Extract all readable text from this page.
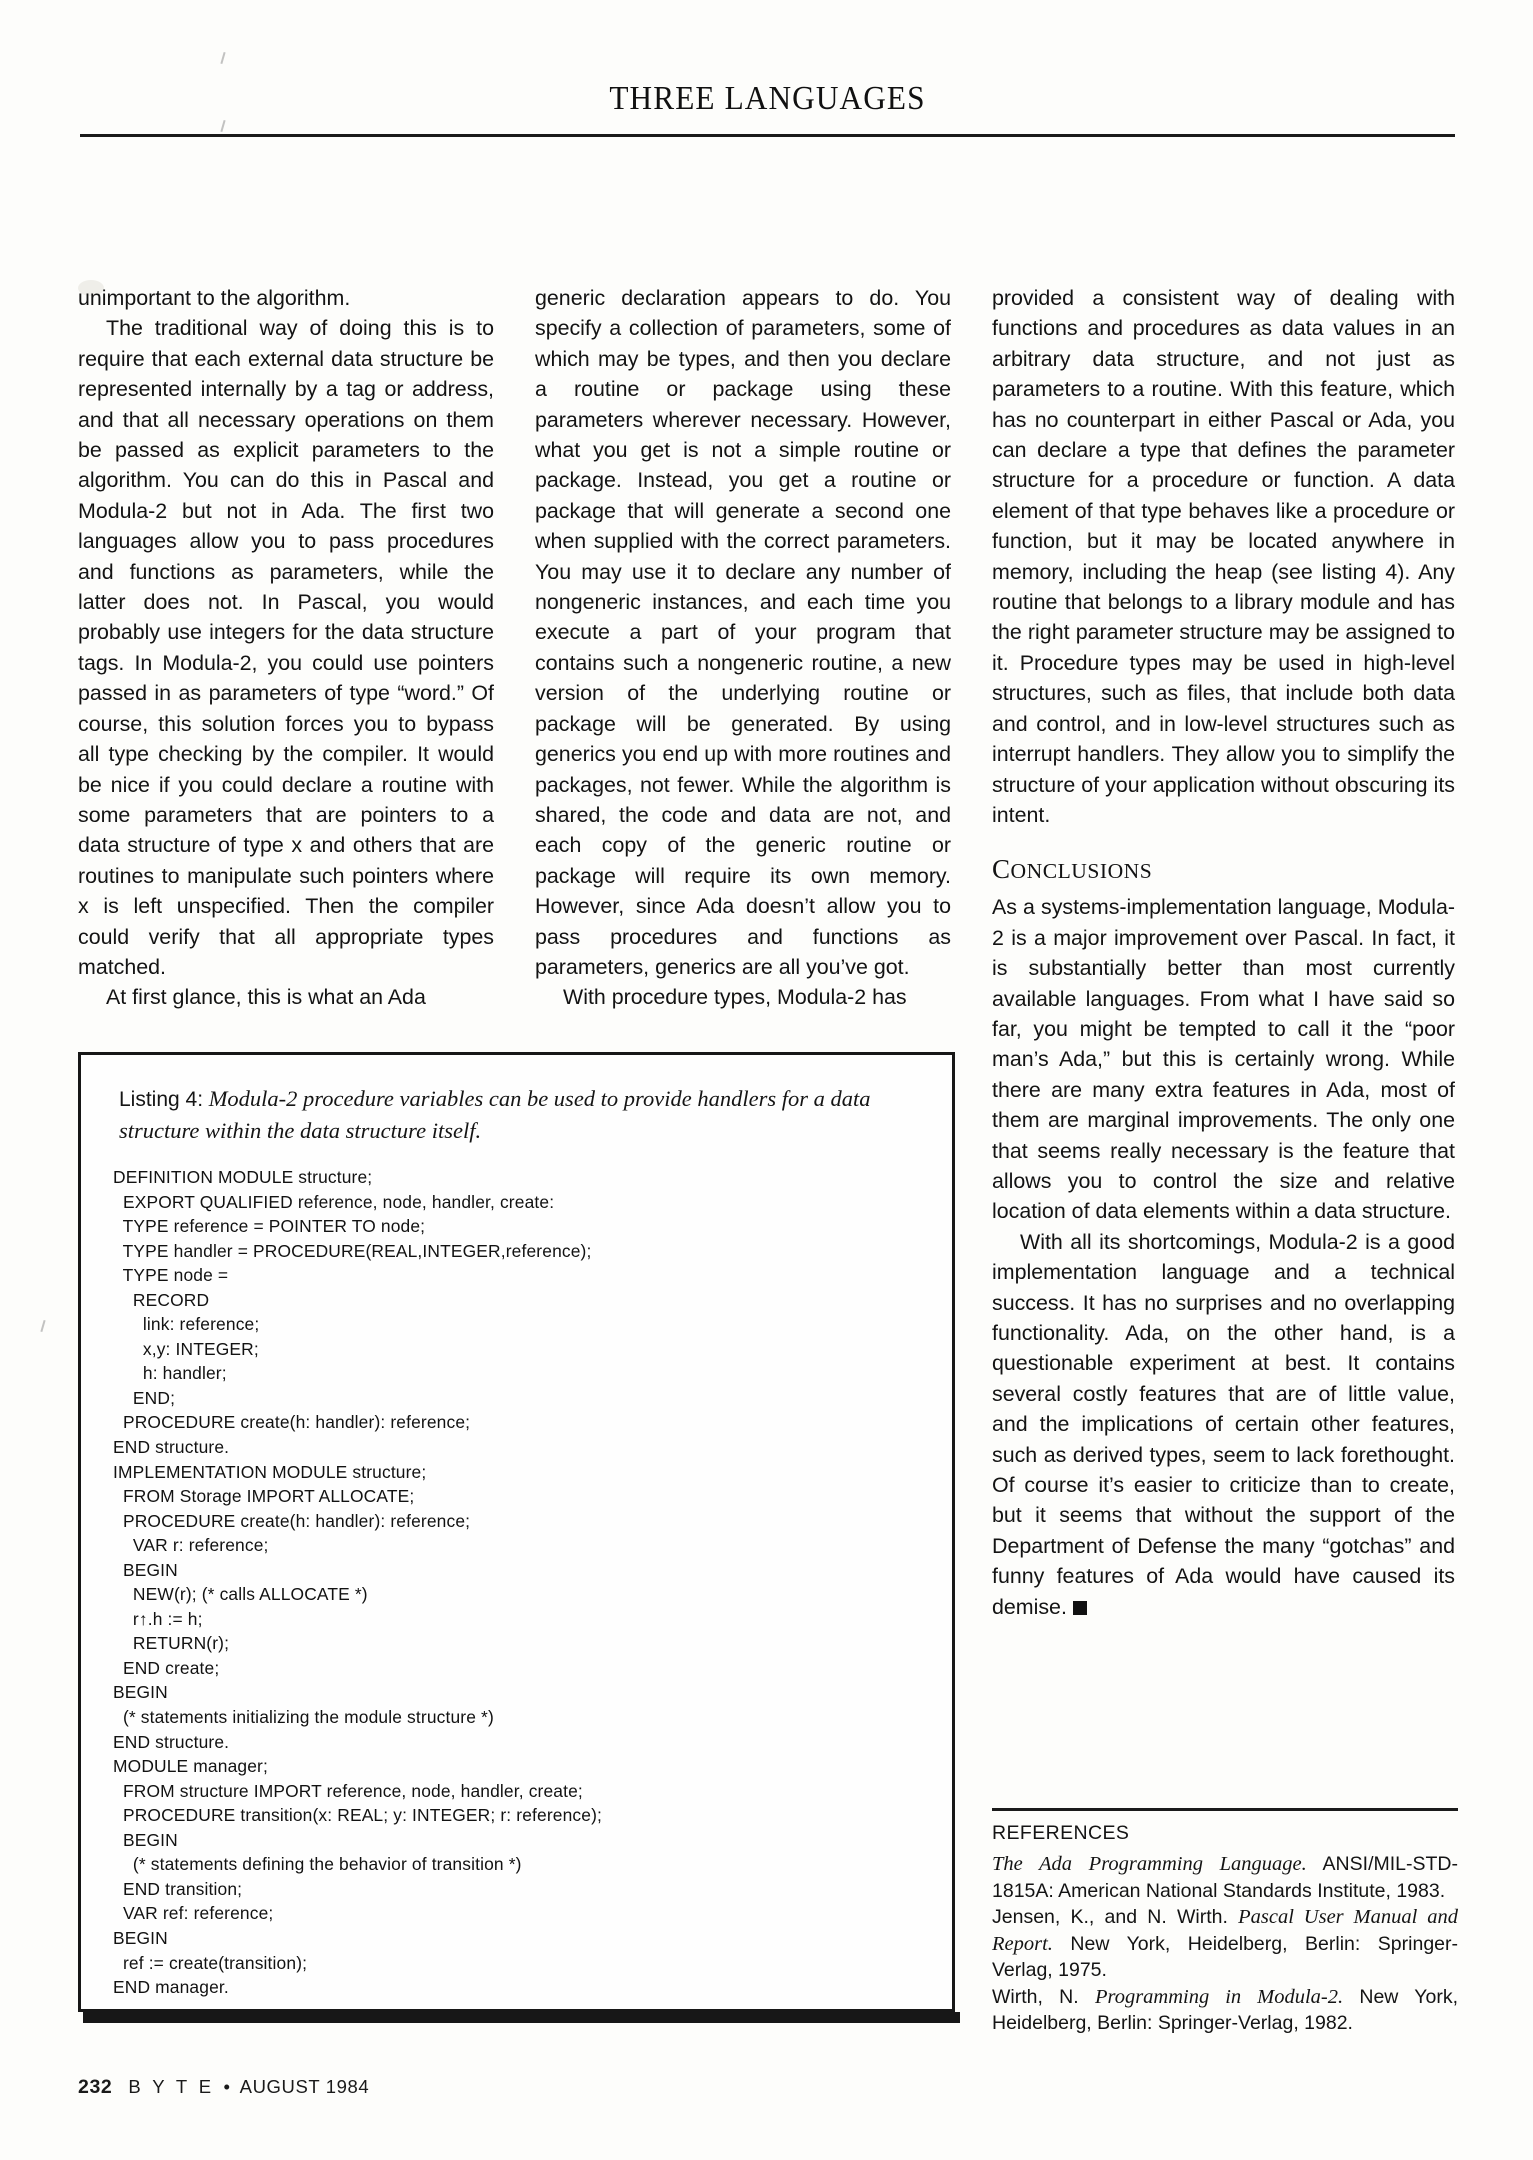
THREE LANGUAGES

unimportant to the algorithm.

The traditional way of doing this is to require that each external data structure be represented internally by a tag or address, and that all necessary operations on them be passed as explicit parameters to the algorithm. You can do this in Pascal and Modula-2 but not in Ada. The first two languages allow you to pass procedures and functions as parameters, while the latter does not. In Pascal, you would probably use integers for the data structure tags. In Modula-2, you could use pointers passed in as parameters of type “word.” Of course, this solution forces you to bypass all type checking by the compiler. It would be nice if you could declare a routine with some parameters that are pointers to a data structure of type x and others that are routines to manipulate such pointers where x is left unspecified. Then the compiler could verify that all appropriate types matched.

At first glance, this is what an Ada

generic declaration appears to do. You specify a collection of parameters, some of which may be types, and then you declare a routine or package using these parameters wherever necessary. However, what you get is not a simple routine or package. Instead, you get a routine or package that will generate a second one when supplied with the correct parameters. You may use it to declare any number of nongeneric instances, and each time you execute a part of your program that contains such a nongeneric routine, a new version of the underlying routine or package will be generated. By using generics you end up with more routines and packages, not fewer. While the algorithm is shared, the code and data are not, and each copy of the generic routine or package will require its own memory. However, since Ada doesn’t allow you to pass procedures and functions as parameters, generics are all you’ve got.

With procedure types, Modula-2 has

provided a consistent way of dealing with functions and procedures as data values in an arbitrary data structure, and not just as parameters to a routine. With this feature, which has no counterpart in either Pascal or Ada, you can declare a type that defines the parameter structure for a procedure or function. A data element of that type behaves like a procedure or function, but it may be located anywhere in memory, including the heap (see listing 4). Any routine that belongs to a library module and has the right parameter structure may be assigned to it. Procedure types may be used in high-level structures, such as files, that include both data and control, and in low-level structures such as interrupt handlers. They allow you to simplify the structure of your application without obscuring its intent.

CONCLUSIONS

As a systems-implementation language, Modula-2 is a major improvement over Pascal. In fact, it is substantially better than most currently available languages. From what I have said so far, you might be tempted to call it the “poor man’s Ada,” but this is certainly wrong. While there are many extra features in Ada, most of them are marginal improvements. The only one that seems really necessary is the feature that allows you to control the size and relative location of data elements within a data structure.

With all its shortcomings, Modula-2 is a good implementation language and a technical success. It has no surprises and no overlapping functionality. Ada, on the other hand, is a questionable experiment at best. It contains several costly features that are of little value, and the implications of certain other features, such as derived types, seem to lack forethought. Of course it’s easier to criticize than to create, but it seems that without the support of the Department of Defense the many “gotchas” and funny features of Ada would have caused its demise.

Listing 4: Modula-2 procedure variables can be used to provide handlers for a data structure within the data structure itself.
DEFINITION MODULE structure;
EXPORT QUALIFIED reference, node, handler, create:
TYPE reference = POINTER TO node;
TYPE handler = PROCEDURE(REAL,INTEGER,reference);
TYPE node =
RECORD
link: reference;
x,y: INTEGER;
h: handler;
END;
PROCEDURE create(h: handler): reference;
END structure.
IMPLEMENTATION MODULE structure;
FROM Storage IMPORT ALLOCATE;
PROCEDURE create(h: handler): reference;
VAR r: reference;
BEGIN
NEW(r); (* calls ALLOCATE *)
r↑.h := h;
RETURN(r);
END create;
BEGIN
(* statements initializing the module structure *)
END structure.
MODULE manager;
FROM structure IMPORT reference, node, handler, create;
PROCEDURE transition(x: REAL; y: INTEGER; r: reference);
BEGIN
(* statements defining the behavior of transition *)
END transition;
VAR ref: reference;
BEGIN
ref := create(transition);
END manager.
REFERENCES
The Ada Programming Language. ANSI/MIL-STD-1815A: American National Standards Institute, 1983.
Jensen, K., and N. Wirth. Pascal User Manual and Report. New York, Heidelberg, Berlin: Springer-Verlag, 1975.
Wirth, N. Programming in Modula-2. New York, Heidelberg, Berlin: Springer-Verlag, 1982.
232 B Y T E • AUGUST 1984
